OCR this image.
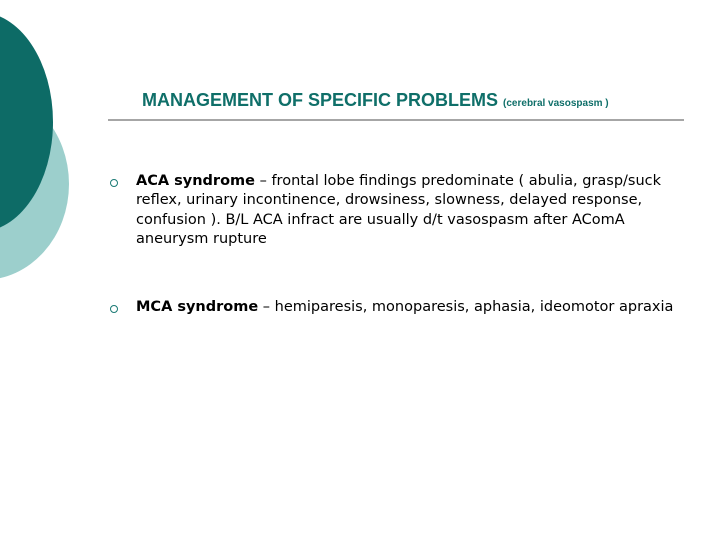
MANAGEMENT OF SPECIFIC PROBLEMS (cerebral vasospasm )
ACA syndrome – frontal lobe findings predominate ( abulia, grasp/suck reflex, urinary incontinence, drowsiness, slowness, delayed response, confusion ). B/L ACA infract are usually d/t vasospasm after AComA aneurysm rupture
MCA syndrome – hemiparesis, monoparesis, aphasia, ideomotor apraxia
